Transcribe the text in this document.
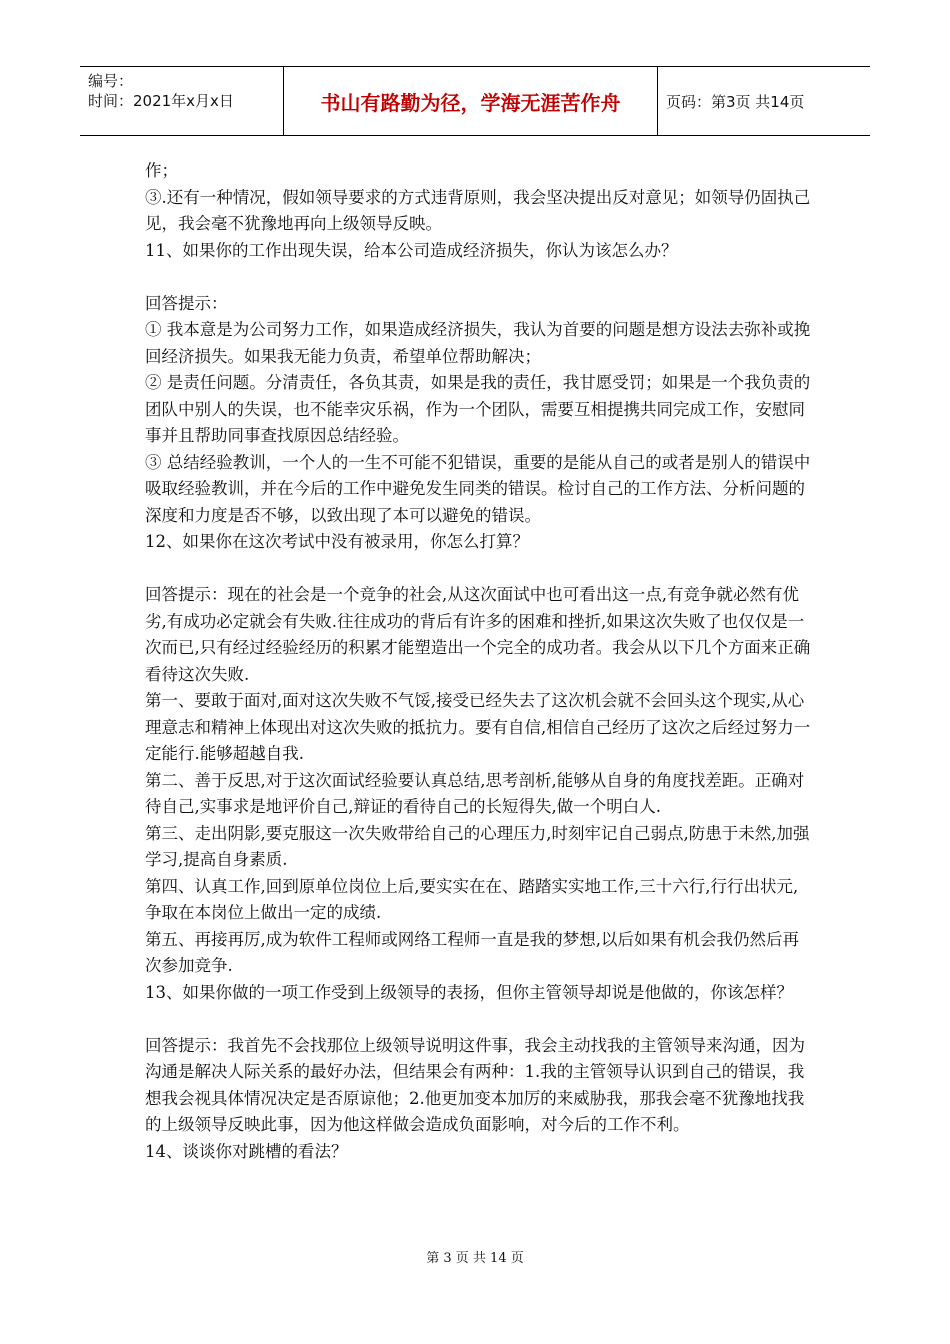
编号：
时间：2021年x月x日	书山有路勤为径，学海无涯苦作舟	页码：第3页 共14页

作；

③.还有一种情况，假如领导要求的方式违背原则，我会坚决提出反对意见；如领导仍固执己见，我会毫不犹豫地再向上级领导反映。

11、如果你的工作出现失误，给本公司造成经济损失，你认为该怎么办？

回答提示：

① 我本意是为公司努力工作，如果造成经济损失，我认为首要的问题是想方设法去弥补或挽回经济损失。如果我无能力负责，希望单位帮助解决；

② 是责任问题。分清责任，各负其责，如果是我的责任，我甘愿受罚；如果是一个我负责的团队中别人的失误，也不能幸灾乐祸，作为一个团队，需要互相提携共同完成工作，安慰同事并且帮助同事查找原因总结经验。

③ 总结经验教训，一个人的一生不可能不犯错误，重要的是能从自己的或者是别人的错误中吸取经验教训，并在今后的工作中避免发生同类的错误。检讨自己的工作方法、分析问题的深度和力度是否不够，以致出现了本可以避免的错误。

12、如果你在这次考试中没有被录用，你怎么打算？

回答提示：现在的社会是一个竞争的社会,从这次面试中也可看出这一点,有竞争就必然有优劣,有成功必定就会有失败.往往成功的背后有许多的困难和挫折,如果这次失败了也仅仅是一次而已,只有经过经验经历的积累才能塑造出一个完全的成功者。我会从以下几个方面来正确看待这次失败.

第一、要敢于面对,面对这次失败不气馁,接受已经失去了这次机会就不会回头这个现实,从心理意志和精神上体现出对这次失败的抵抗力。要有自信,相信自己经历了这次之后经过努力一定能行.能够超越自我.

第二、善于反思,对于这次面试经验要认真总结,思考剖析,能够从自身的角度找差距。正确对待自己,实事求是地评价自己,辩证的看待自己的长短得失,做一个明白人.

第三、走出阴影,要克服这一次失败带给自己的心理压力,时刻牢记自己弱点,防患于未然,加强学习,提高自身素质.

第四、认真工作,回到原单位岗位上后,要实实在在、踏踏实实地工作,三十六行,行行出状元,争取在本岗位上做出一定的成绩.

第五、再接再厉,成为软件工程师或网络工程师一直是我的梦想,以后如果有机会我仍然后再次参加竞争.

13、如果你做的一项工作受到上级领导的表扬，但你主管领导却说是他做的，你该怎样？

回答提示：我首先不会找那位上级领导说明这件事，我会主动找我的主管领导来沟通，因为沟通是解决人际关系的最好办法，但结果会有两种：1.我的主管领导认识到自己的错误，我想我会视具体情况决定是否原谅他；2.他更加变本加厉的来威胁我，那我会毫不犹豫地找我的上级领导反映此事，因为他这样做会造成负面影响，对今后的工作不利。

14、谈谈你对跳槽的看法？

第 3 页 共 14 页
